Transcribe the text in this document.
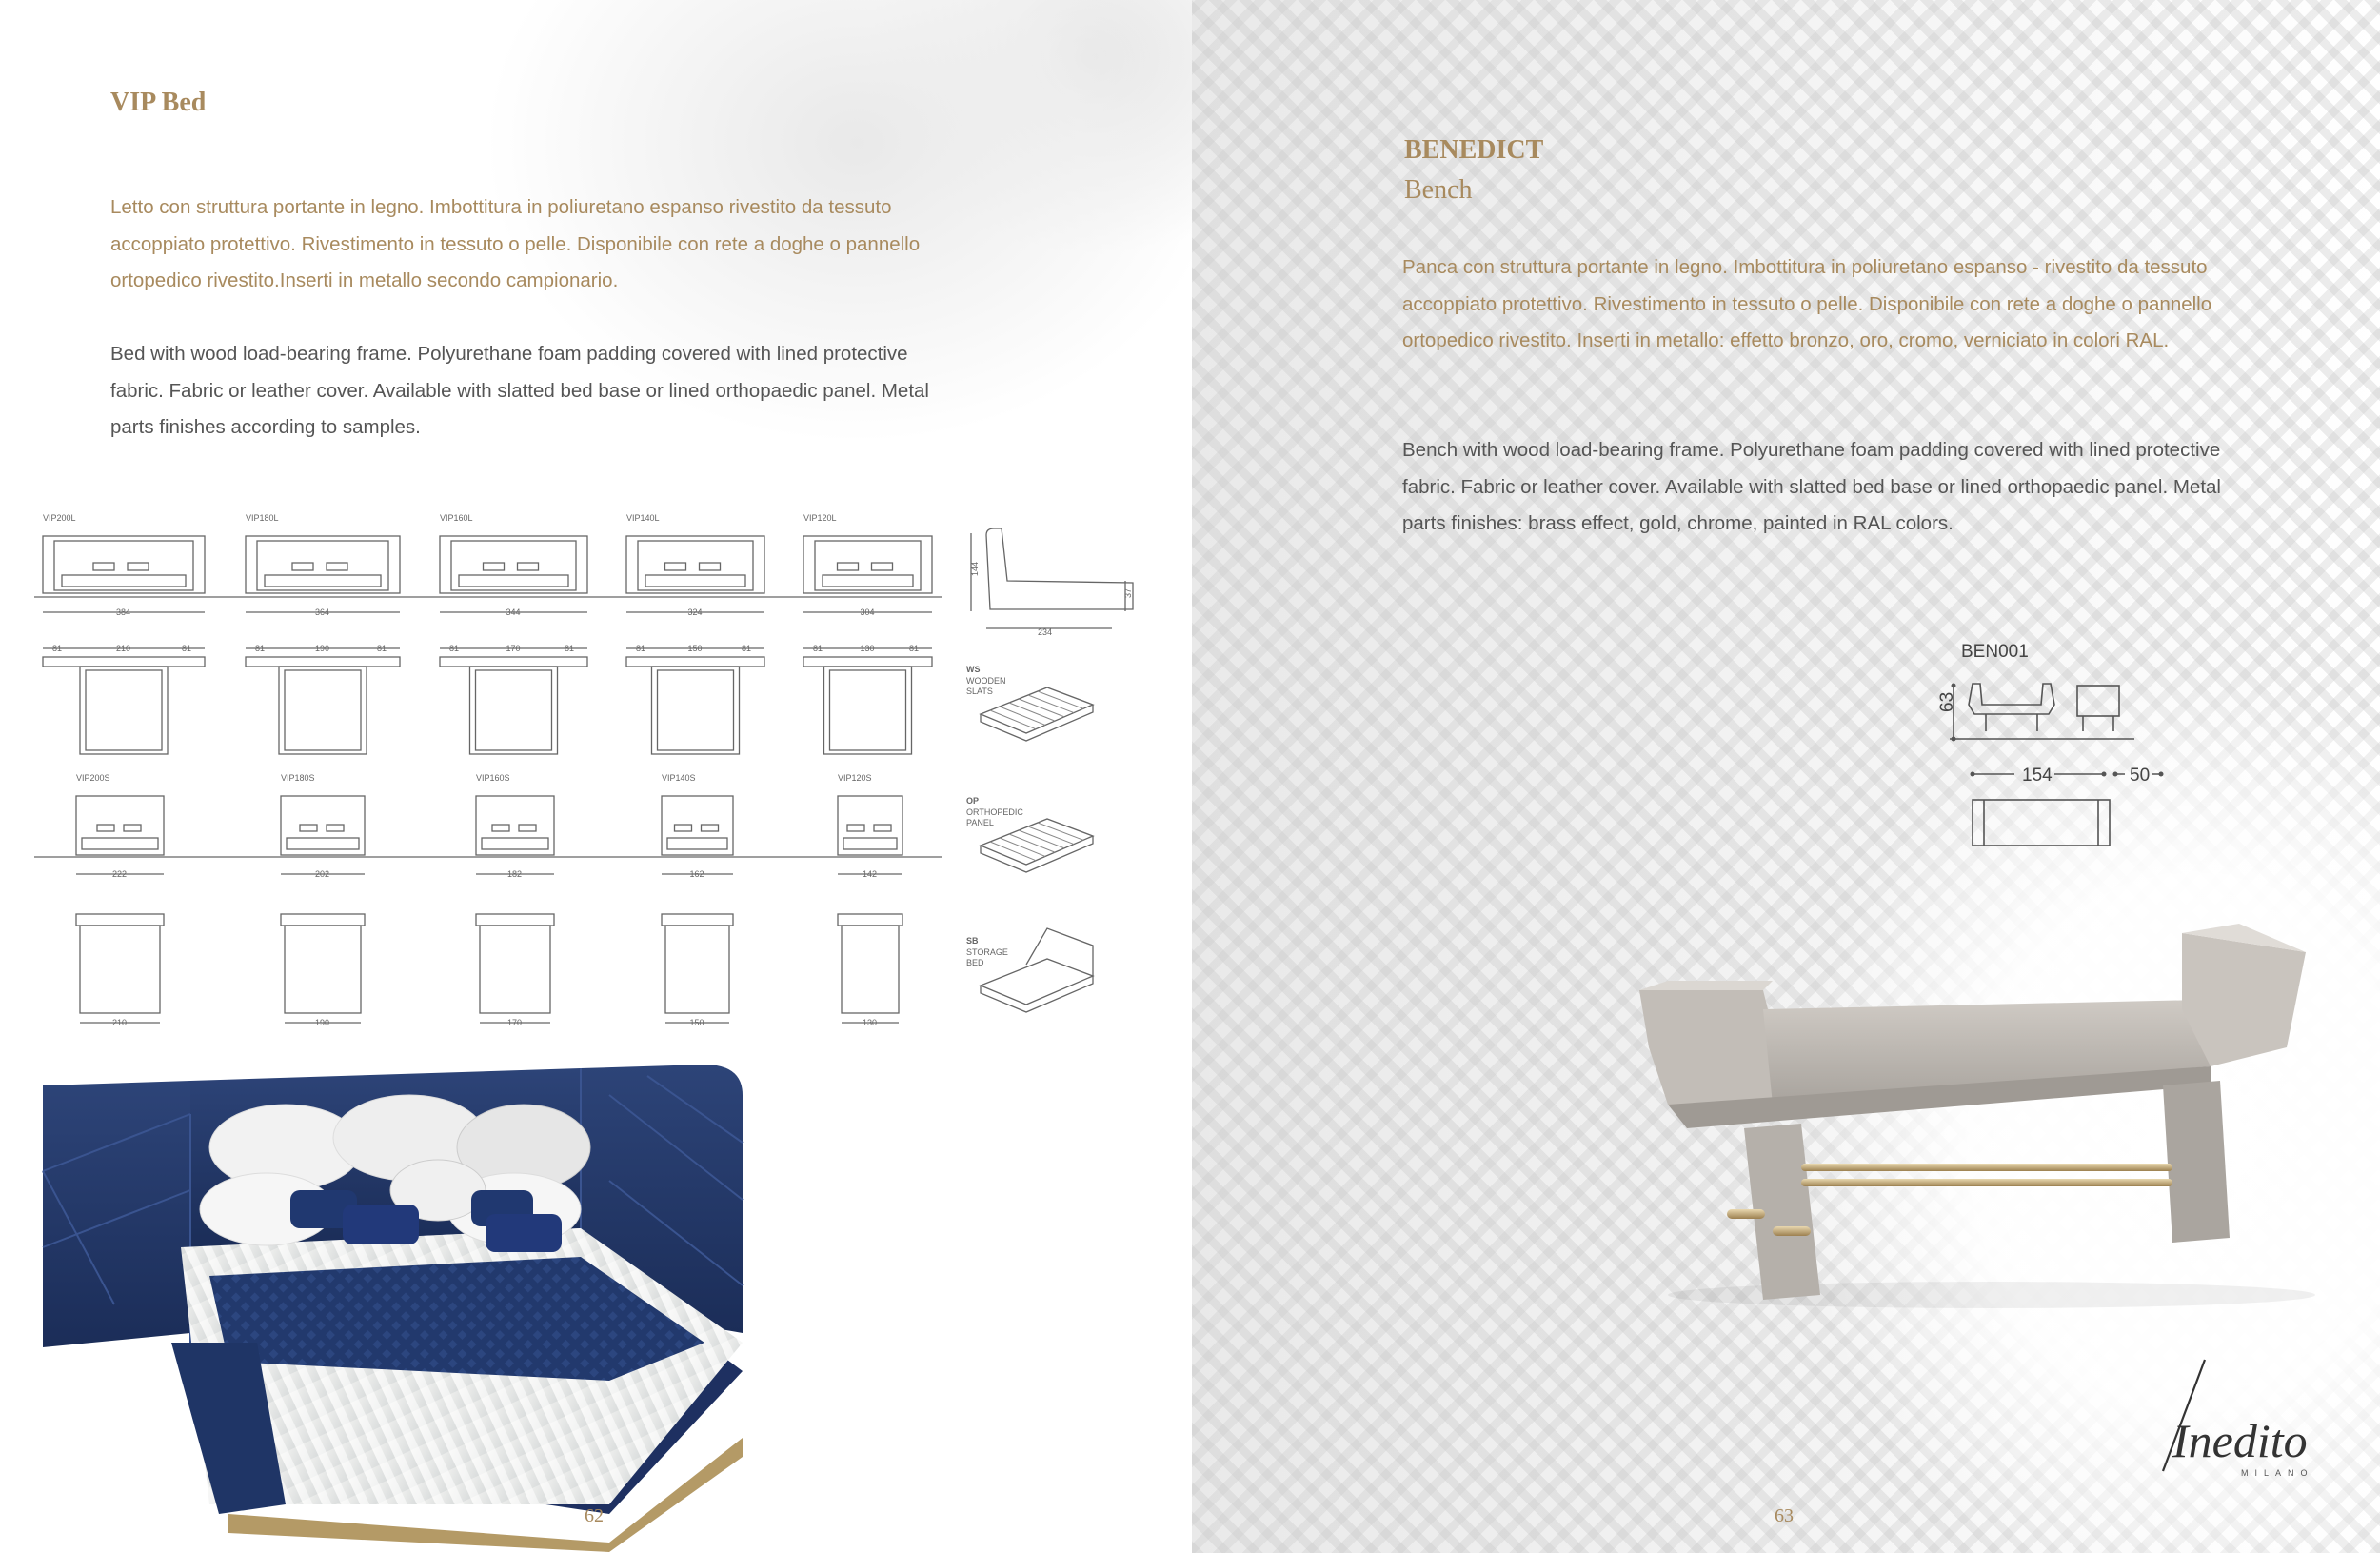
VIP Bed
Letto con struttura portante in legno. Imbottitura in poliuretano espanso rivestito da tessuto accoppiato protettivo. Rivestimento in tessuto o pelle. Disponibile con rete a doghe o pannello ortopedico rivestito.Inserti in metallo secondo campionario.
Bed with wood load-bearing frame. Polyurethane foam padding covered with lined protective fabric. Fabric or leather cover. Available with slatted bed base or lined orthopaedic panel. Metal parts finishes according to samples.
VIP200L
384
81	210	81
VIP180L
364
81	190	81
VIP160L
344
81	170	81
VIP140L
324
81	150	81
VIP120L
304
81	130	81
VIP200S
222
210
VIP180S
202
190
VIP160S
182
170
VIP140S
162
150
VIP120S
142
130
144
37
234
WS
WOODEN
SLATS
OP
ORTHOPEDIC
PANEL
SB
STORAGE
BED
62
BENEDICT
Bench
Panca con struttura portante in legno. Imbottitura in poliuretano espanso - rivestito da tessuto accoppiato protettivo. Rivestimento in tessuto o pelle. Disponibile con rete a doghe o pannello ortopedico rivestito. Inserti in metallo: effetto bronzo, oro, cromo, verniciato in colori RAL.
Bench with wood load-bearing frame. Polyurethane foam padding covered with lined protective fabric. Fabric or leather cover. Available with slatted bed base or lined orthopaedic panel. Metal parts finishes: brass effect, gold, chrome, painted in RAL colors.
BEN001
63
154	50
Inedito
MILANO
63
